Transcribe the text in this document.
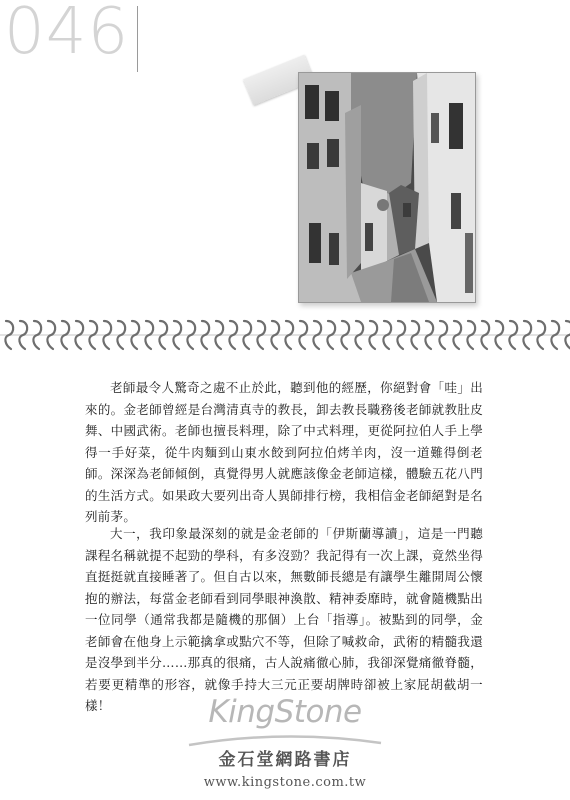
046

老師最令人驚奇之處不止於此，聽到他的經歷，你絕對會「哇」出來的。金老師曾經是台灣清真寺的教長，卸去教長職務後老師就教肚皮舞、中國武術。老師也擅長料理，除了中式料理，更從阿拉伯人手上學得一手好菜，從牛肉麵到山東水餃到阿拉伯烤羊肉，沒一道難得倒老師。深深為老師傾倒，真覺得男人就應該像金老師這樣，體驗五花八門的生活方式。如果政大要列出奇人異師排行榜，我相信金老師絕對是名列前茅。

大一，我印象最深刻的就是金老師的「伊斯蘭導讀」，這是一門聽課程名稱就提不起勁的學科，有多沒勁？我記得有一次上課，竟然坐得直挺挺就直接睡著了。但自古以來，無數師長總是有讓學生離開周公懷抱的辦法，每當金老師看到同學眼神渙散、精神委靡時，就會隨機點出一位同學（通常我都是隨機的那個）上台「指導」。被點到的同學，金老師會在他身上示範擒拿或點穴不等，但除了喊救命，武術的精髓我還是沒學到半分……那真的很痛，古人說痛徹心肺，我卻深覺痛徹脊髓，若要更精準的形容，就像手持大三元正要胡牌時卻被上家屁胡截胡一樣！	KingStone
金石堂網路書店
www.kingstone.com.tw
